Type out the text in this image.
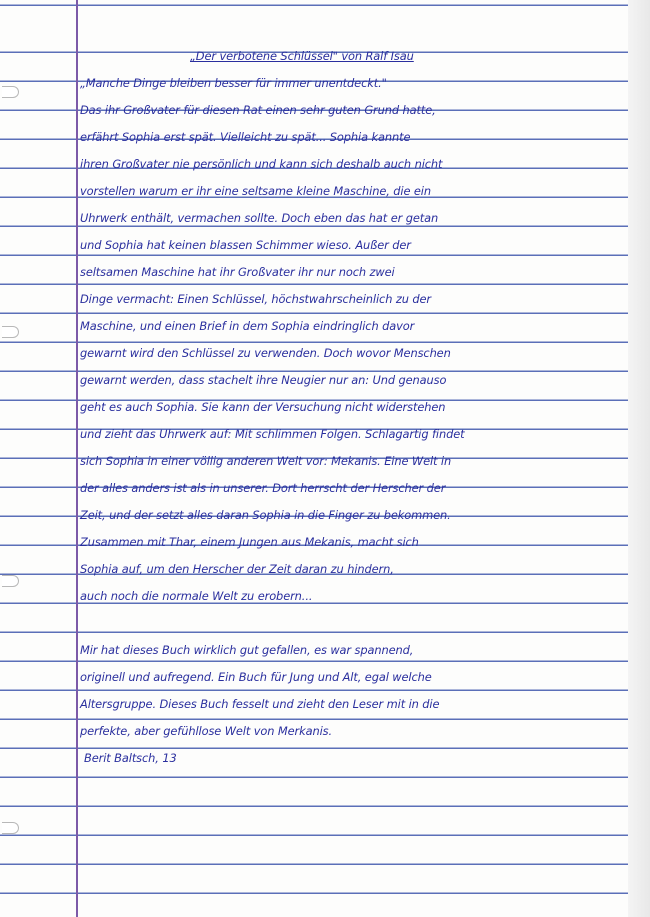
„Der verbotene Schlüssel" von Ralf Isau
„Manche Dinge bleiben besser für immer unentdeckt."
Das ihr Großvater für diesen Rat einen sehr guten Grund hatte,
erfährt Sophia erst spät. Vielleicht zu spät... Sophia kannte
ihren Großvater nie persönlich und kann sich deshalb auch nicht
vorstellen warum er ihr eine seltsame kleine Maschine, die ein
Uhrwerk enthält, vermachen sollte. Doch eben das hat er getan
und Sophia hat keinen blassen Schimmer wieso. Außer der
seltsamen Maschine hat ihr Großvater ihr nur noch zwei
Dinge vermacht: Einen Schlüssel, höchstwahrscheinlich zu der
Maschine, und einen Brief in dem Sophia eindringlich davor
gewarnt wird den Schlüssel zu verwenden. Doch wovor Menschen
gewarnt werden, dass stachelt ihre Neugier nur an: Und genauso
geht es auch Sophia. Sie kann der Versuchung nicht widerstehen
und zieht das Uhrwerk auf: Mit schlimmen Folgen. Schlagartig findet
sich Sophia in einer völlig anderen Welt vor: Mekanis. Eine Welt in
der alles anders ist als in unserer. Dort herrscht der Herscher der
Zeit, und der setzt alles daran Sophia in die Finger zu bekommen.
Zusammen mit Thar, einem Jungen aus Mekanis, macht sich
Sophia auf, um den Herscher der Zeit daran zu hindern,
auch noch die normale Welt zu erobern...
Mir hat dieses Buch wirklich gut gefallen, es war spannend,
originell und aufregend. Ein Buch für Jung und Alt, egal welche
Altersgruppe. Dieses Buch fesselt und zieht den Leser mit in die
perfekte, aber gefühllose Welt von Merkanis.
Berit Baltsch, 13
